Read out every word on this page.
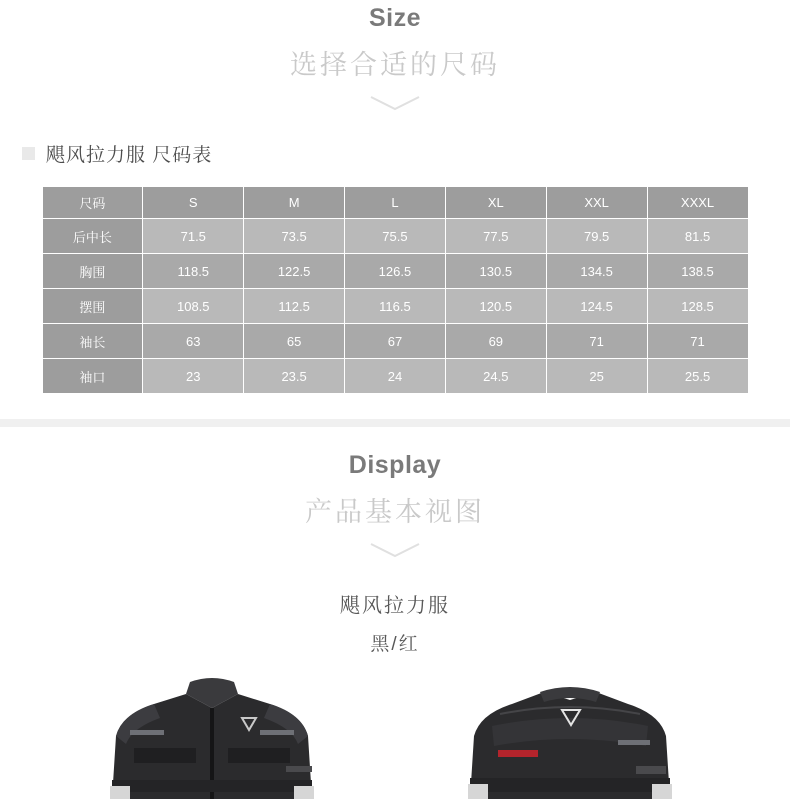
Size
选择合适的尺码
飓风拉力服 尺码表
尺码	S	M	L	XL	XXL	XXXL
后中长	71.5	73.5	75.5	77.5	79.5	81.5
胸围	118.5	122.5	126.5	130.5	134.5	138.5
摆围	108.5	112.5	116.5	120.5	124.5	128.5
袖长	63	65	67	69	71	71
袖口	23	23.5	24	24.5	25	25.5
Display
产品基本视图
飓风拉力服
黑/红
